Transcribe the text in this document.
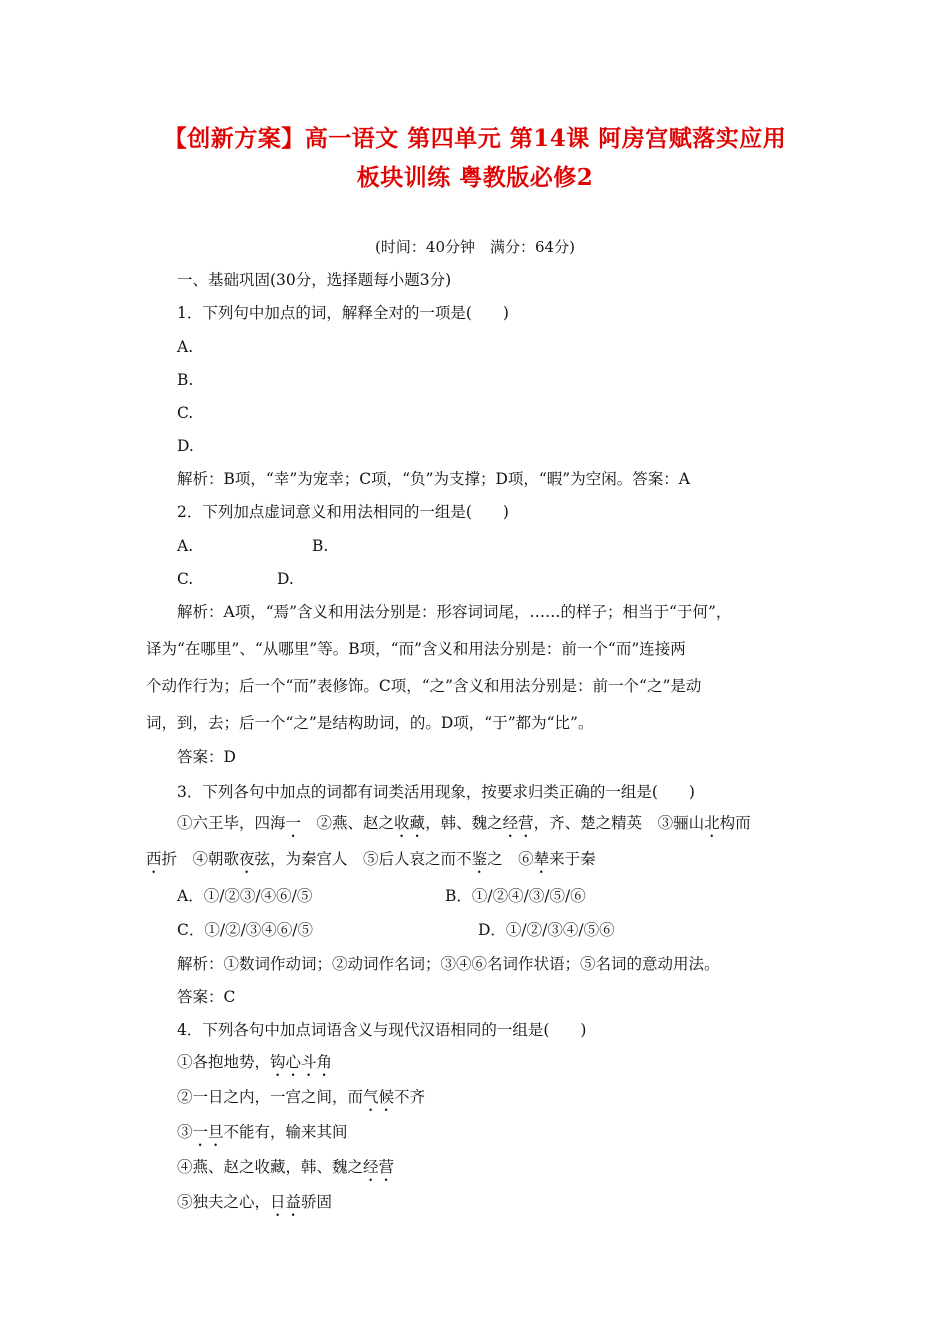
【创新方案】高一语文 第四单元 第14课 阿房宫赋落实应用
板块训练 粤教版必修2
(时间：40分钟　满分：64分)
一、基础巩固(30分，选择题每小题3分)
1．下列句中加点的词，解释全对的一项是(　　)
A.
B.
C.
D.
解析：B项，“幸”为宠幸；C项，“负”为支撑；D项，“暇”为空闲。答案：A
2．下列加点虚词意义和用法相同的一组是(　　)
A.	B.
C.	D.
解析：A项，“焉”含义和用法分别是：形容词词尾，……的样子；相当于“于何”，
译为“在哪里”、“从哪里”等。B项，“而”含义和用法分别是：前一个“而”连接两
个动作行为；后一个“而”表修饰。C项，“之”含义和用法分别是：前一个“之”是动
词，到，去；后一个“之”是结构助词，的。D项，“于”都为“比”。
答案：D
3．下列各句中加点的词都有词类活用现象，按要求归类正确的一组是(　　)
①六王毕，四海一　②燕、赵之收藏，韩、魏之经营，齐、楚之精英　③骊山北构而
西折　④朝歌夜弦，为秦宫人　⑤后人哀之而不鉴之　⑥辇来于秦
A．①/②③/④⑥/⑤	B．①/②④/③/⑤/⑥
C．①/②/③④⑥/⑤	D．①/②/③④/⑤⑥
解析：①数词作动词；②动词作名词；③④⑥名词作状语；⑤名词的意动用法。
答案：C
4．下列各句中加点词语含义与现代汉语相同的一组是(　　)
①各抱地势，钩心斗角
②一日之内，一宫之间，而气候不齐
③一旦不能有，输来其间
④燕、赵之收藏，韩、魏之经营
⑤独夫之心，日益骄固
